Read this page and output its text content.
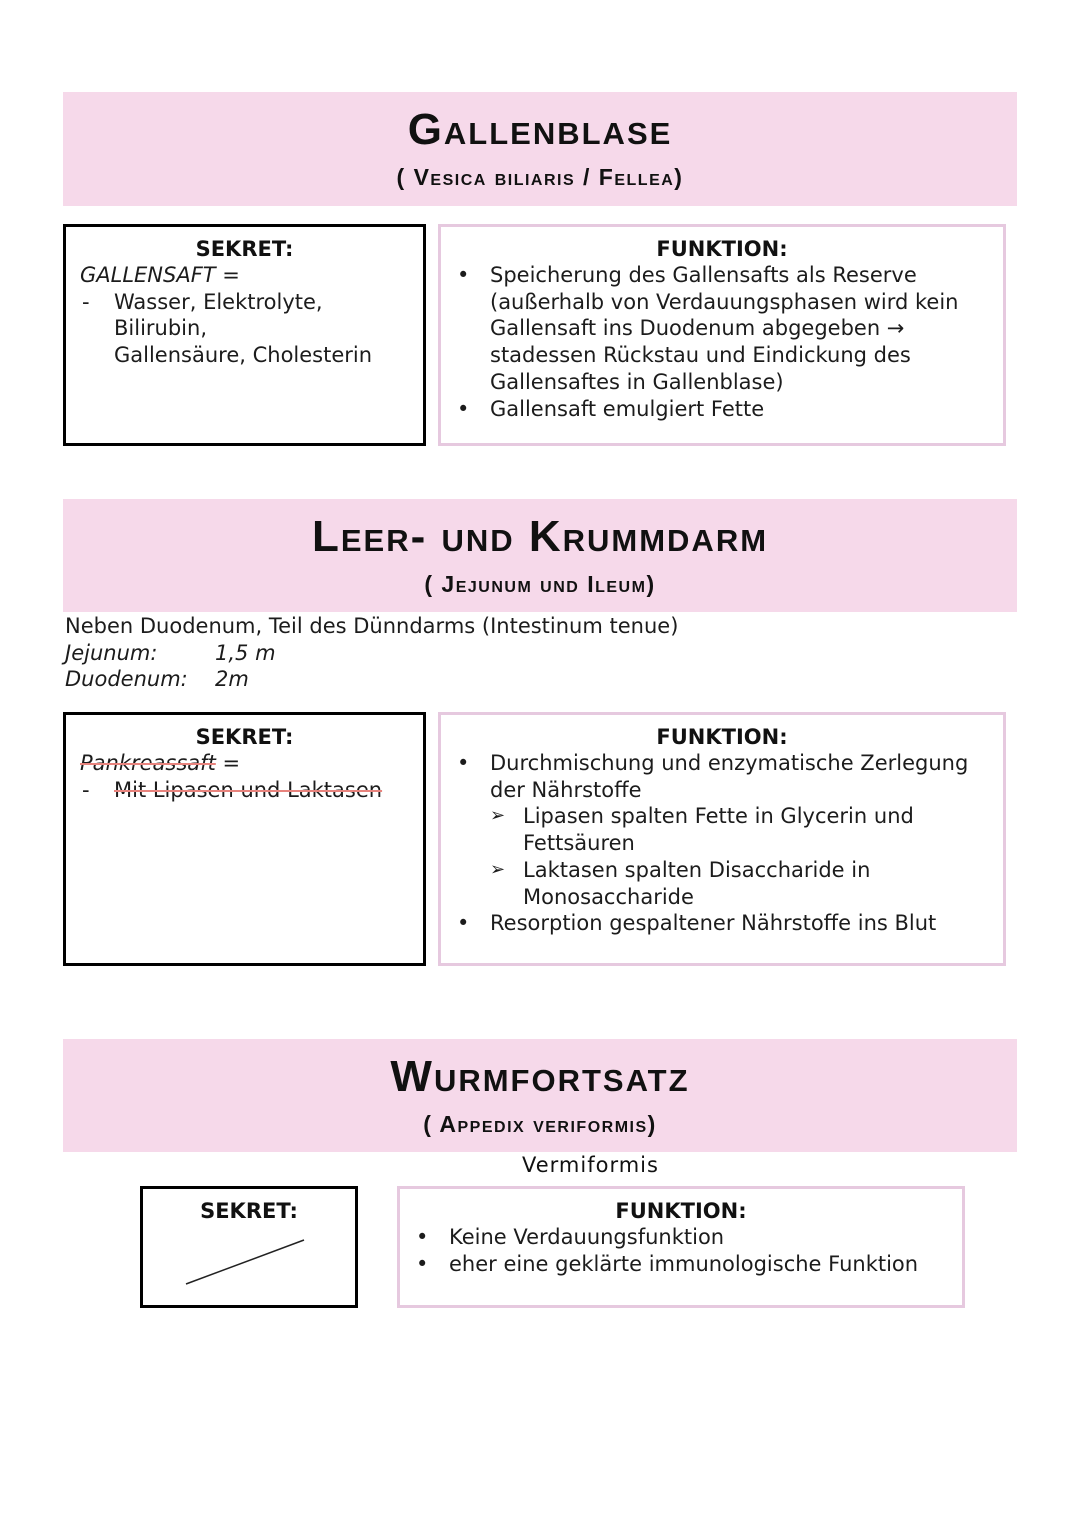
Gallenblase
( Vesica biliaris / Fellea)
SEKRET:
GALLENSAFT =
- Wasser, Elektrolyte, Bilirubin,
Gallensäure, Cholesterin
FUNKTION:
• Speicherung des Gallensafts als Reserve (außerhalb von Verdauungsphasen wird kein Gallensaft ins Duodenum abgegeben → stadessen Rückstau und Eindickung des Gallensaftes in Gallenblase)
• Gallensaft emulgiert Fette
Leer- und Krummdarm
( Jejunum und Ileum)
Neben Duodenum, Teil des Dünndarms (Intestinum tenue)
Jejunum:	1,5 m
Duodenum: 2m
SEKRET:
Pankreassaft =
- Mit Lipasen und Laktasen
FUNKTION:
• Durchmischung und enzymatische Zerlegung der Nährstoffe
➢ Lipasen spalten Fette in Glycerin und Fettsäuren
➢ Laktasen spalten Disaccharide in Monosaccharide
• Resorption gespaltener Nährstoffe ins Blut
Wurmfortsatz
( Appedix veriformis)
Vermiformis
SEKRET:	FUNKTION:
• Keine Verdauungsfunktion
• eher eine geklärte immunologische Funktion
